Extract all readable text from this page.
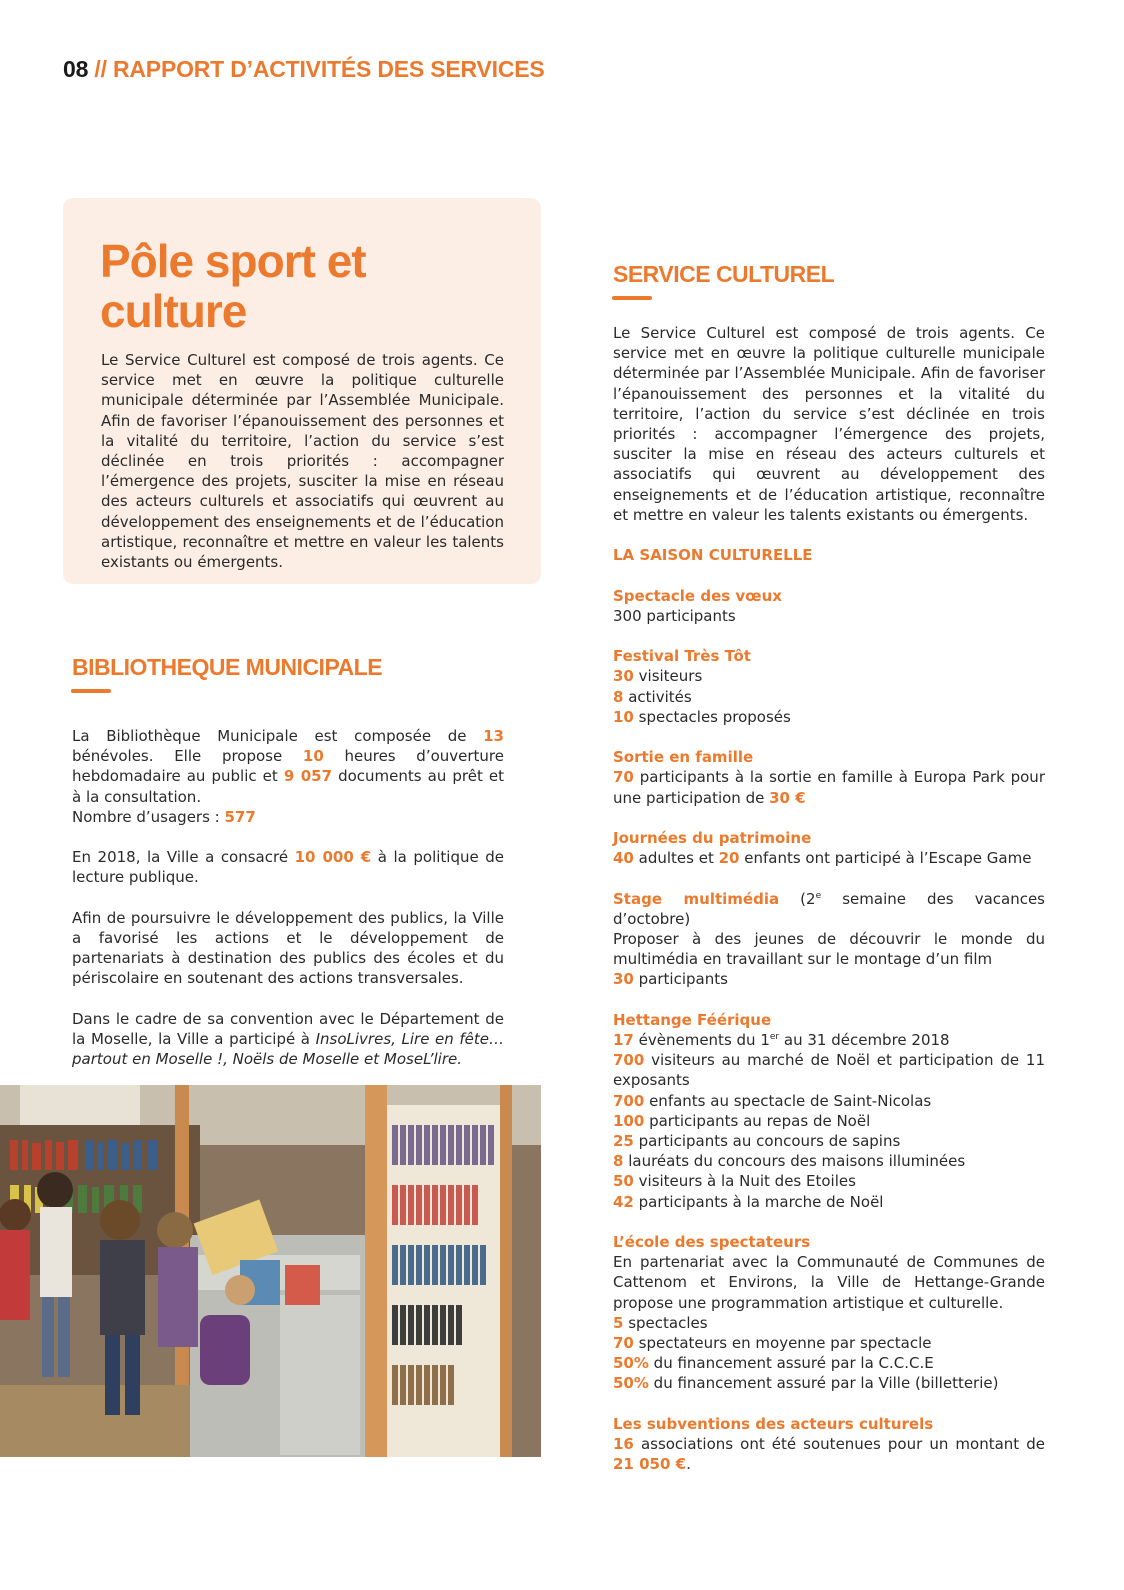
08 // RAPPORT D’ACTIVITÉS DES SERVICES
Pôle sport et
culture

Le Service Culturel est composé de trois agents. Ce service met en œuvre la politique culturelle municipale déterminée par l’Assemblée Municipale. Afin de favoriser l’épanouissement des personnes et la vitalité du territoire, l’action du service s’est déclinée en trois priorités : accompagner l’émergence des projets, susciter la mise en réseau des acteurs culturels et associatifs qui œuvrent au développement des enseignements et de l’éducation artistique, reconnaître et mettre en valeur les talents existants ou émergents.

BIBLIOTHEQUE MUNICIPALE

La Bibliothèque Municipale est composée de 13 bénévoles. Elle propose 10 heures d’ouverture hebdomadaire au public et 9 057 documents au prêt et à la consultation.
Nombre d’usagers : 577

En 2018, la Ville a consacré 10 000 € à la politique de lecture publique.

Afin de poursuivre le développement des publics, la Ville a favorisé les actions et le développement de partenariats à destination des publics des écoles et du périscolaire en soutenant des actions transversales.

Dans le cadre de sa convention avec le Département de la Moselle, la Ville a participé à InsoLivres, Lire en fête… partout en Moselle !, Noëls de Moselle et MoseL’lire.

SERVICE CULTUREL

Le Service Culturel est composé de trois agents. Ce service met en œuvre la politique culturelle municipale déterminée par l’Assemblée Municipale. Afin de favoriser l’épanouissement des personnes et la vitalité du territoire, l’action du service s’est déclinée en trois priorités : accompagner l’émergence des projets, susciter la mise en réseau des acteurs culturels et associatifs qui œuvrent au développement des enseignements et de l’éducation artistique, reconnaître et mettre en valeur les talents existants ou émergents.

LA SAISON CULTURELLE

Spectacle des vœux
300 participants
Festival Très Tôt
30 visiteurs
8 activités
10 spectacles proposés
Sortie en famille
70 participants à la sortie en famille à Europa Park pour une participation de 30 €
Journées du patrimoine
40 adultes et 20 enfants ont participé à l’Escape Game
Stage multimédia (2e semaine des vacances d’octobre)
Proposer à des jeunes de découvrir le monde du multimédia en travaillant sur le montage d’un film
30 participants
Hettange Féérique
17 évènements du 1er au 31 décembre 2018
700 visiteurs au marché de Noël et participation de 11 exposants
700 enfants au spectacle de Saint-Nicolas
100 participants au repas de Noël
25 participants au concours de sapins
8 lauréats du concours des maisons illuminées
50 visiteurs à la Nuit des Etoiles
42 participants à la marche de Noël
L’école des spectateurs
En partenariat avec la Communauté de Communes de Cattenom et Environs, la Ville de Hettange-Grande propose une programmation artistique et culturelle.
5 spectacles
70 spectateurs en moyenne par spectacle
50% du financement assuré par la C.C.C.E
50% du financement assuré par la Ville (billetterie)
Les subventions des acteurs culturels
16 associations ont été soutenues pour un montant de 21 050 €.
